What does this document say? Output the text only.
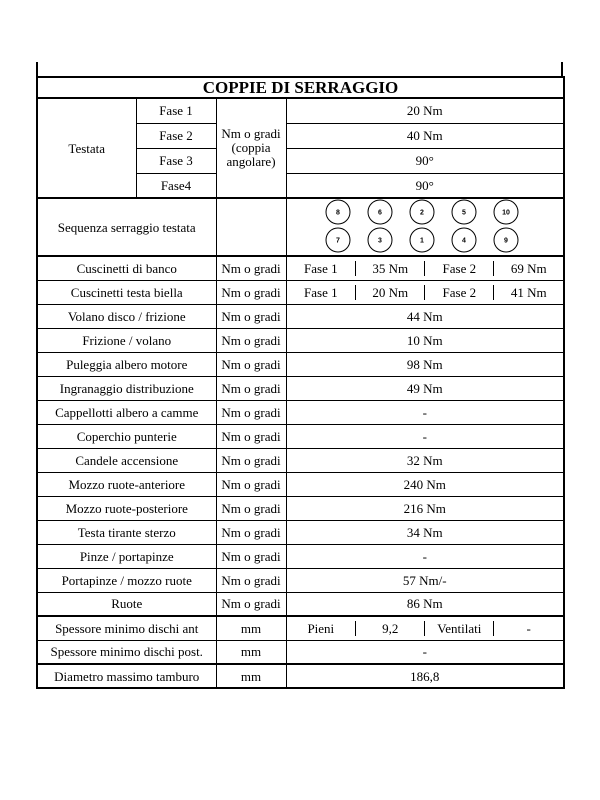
COPPIE DI SERRAGGIO
Testata	Fase 1	Nm o gradi (coppia angolare)	20 Nm
Fase 2	40 Nm
Fase 3	90°
Fase4	90°
Sequenza serraggio testata		
8	6	2	5	10
7	3	1	4	9

Cuscinetti di banco	Nm o gradi	Fase 1	35 Nm	Fase 2	69 Nm

Cuscinetti testa biella	Nm o gradi	Fase 1	20 Nm	Fase 2	41 Nm

Volano disco / frizione	Nm o gradi	44 Nm
Frizione / volano	Nm o gradi	10 Nm
Puleggia albero motore	Nm o gradi	98 Nm
Ingranaggio distribuzione	Nm o gradi	49 Nm
Cappellotti albero a camme	Nm o gradi	-
Coperchio punterie	Nm o gradi	-
Candele accensione	Nm o gradi	32 Nm
Mozzo ruote-anteriore	Nm o gradi	240 Nm
Mozzo ruote-posteriore	Nm o gradi	216 Nm
Testa tirante sterzo	Nm o gradi	34 Nm
Pinze / portapinze	Nm o gradi	-
Portapinze / mozzo ruote	Nm o gradi	57 Nm/-
Ruote	Nm o gradi	86 Nm
Spessore minimo dischi ant	mm		Pieni	9,2	Ventilati	-

Spessore minimo dischi post.	mm	-
Diametro massimo tamburo	mm	186,8
